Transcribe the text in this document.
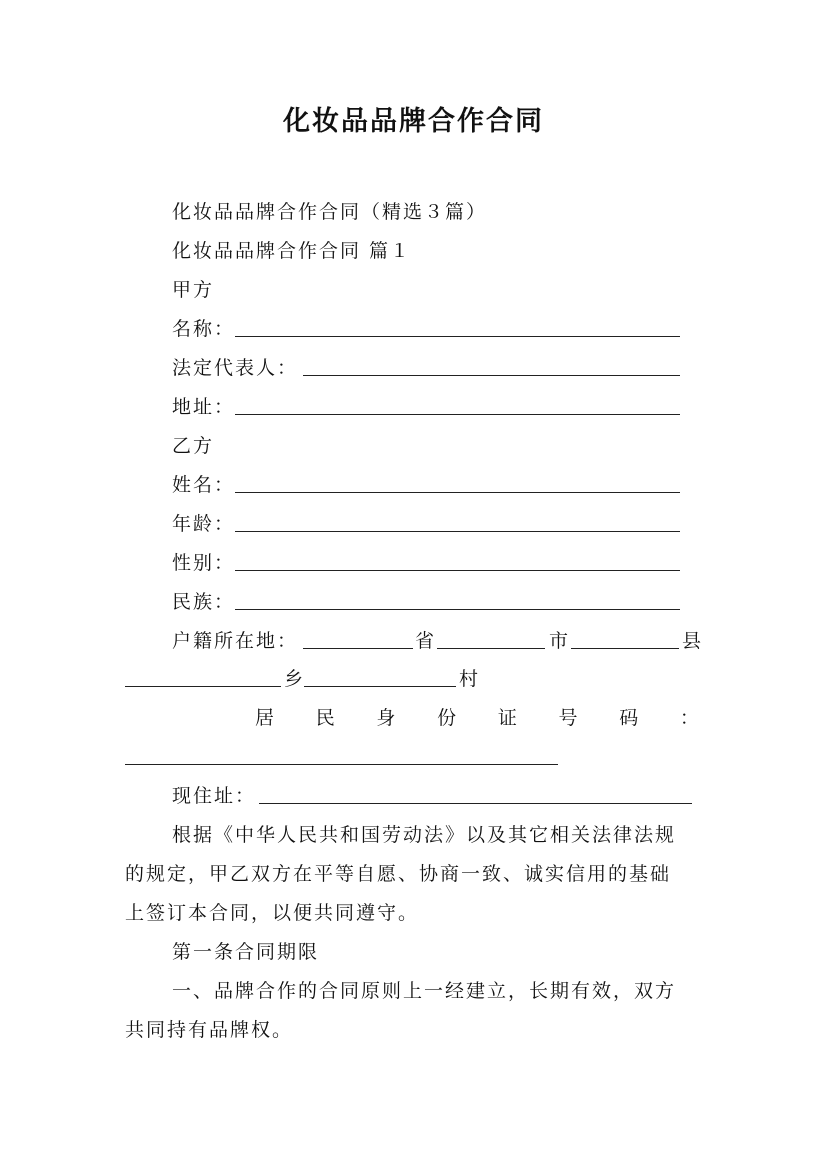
化妆品品牌合作合同
化妆品品牌合作合同（精选３篇）
化妆品品牌合作合同 篇１
甲方
名称：
法定代表人：
地址：
乙方
姓名：
年龄：
性别：
民族：
户籍所在地：	省	市	县
乡	村
居 民 身 份 证 号 码 ：
现住址：
根据《中华人民共和国劳动法》以及其它相关法律法规
的规定，甲乙双方在平等自愿、协商一致、诚实信用的基础
上签订本合同，以便共同遵守。
第一条合同期限
一、品牌合作的合同原则上一经建立，长期有效，双方
共同持有品牌权。
